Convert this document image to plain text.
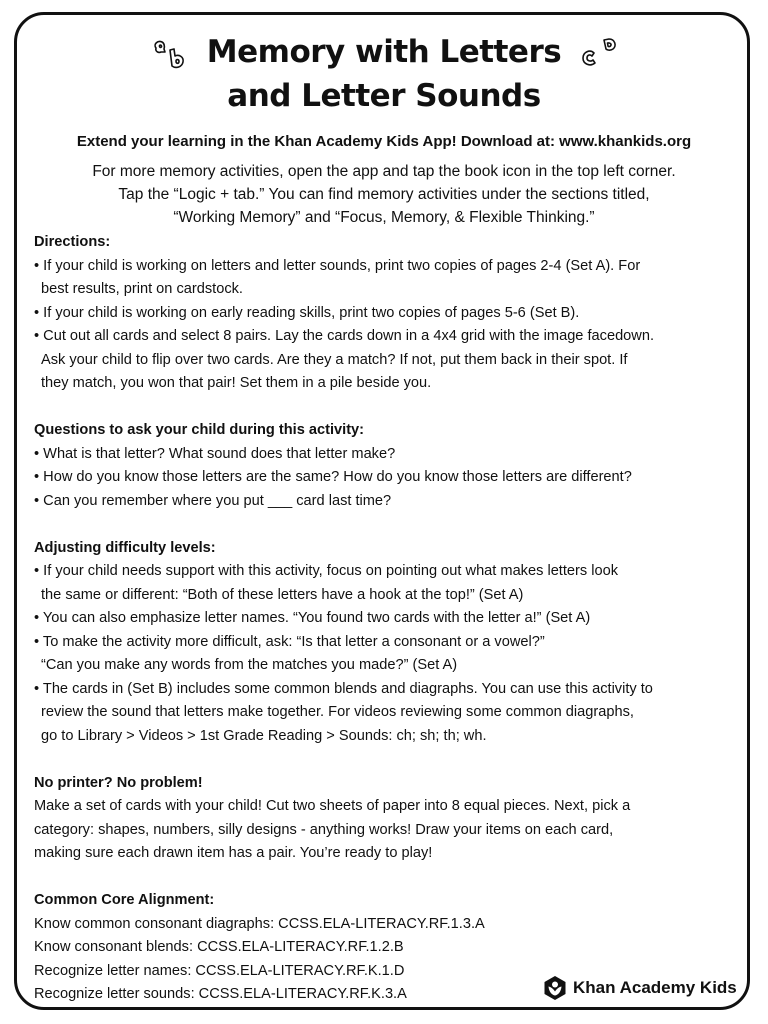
Memory with Letters
and Letter Sounds
Extend your learning in the Khan Academy Kids App! Download at: www.khankids.org
For more memory activities, open the app and tap the book icon in the top left corner.
Tap the “Logic + tab.” You can find memory activities under the sections titled,
“Working Memory” and “Focus, Memory, & Flexible Thinking.”

Directions:

• If your child is working on letters and letter sounds, print two copies of pages 2-4 (Set A). For

best results, print on cardstock.

• If your child is working on early reading skills, print two copies of pages 5-6 (Set B).

• Cut out all cards and select 8 pairs. Lay the cards down in a 4x4 grid with the image facedown.

Ask your child to flip over two cards. Are they a match? If not, put them back in their spot. If

they match, you won that pair! Set them in a pile beside you.

Questions to ask your child during this activity:

• What is that letter? What sound does that letter make?

• How do you know those letters are the same? How do you know those letters are different?

• Can you remember where you put ___ card last time?

Adjusting difficulty levels:

• If your child needs support with this activity, focus on pointing out what makes letters look

the same or different: “Both of these letters have a hook at the top!” (Set A)

• You can also emphasize letter names. “You found two cards with the letter a!” (Set A)

• To make the activity more difficult, ask: “Is that letter a consonant or a vowel?”

“Can you make any words from the matches you made?” (Set A)

• The cards in (Set B) includes some common blends and diagraphs. You can use this activity to

review the sound that letters make together. For videos reviewing some common diagraphs,

go to Library > Videos > 1st Grade Reading > Sounds: ch; sh; th; wh.

No printer? No problem!

Make a set of cards with your child! Cut two sheets of paper into 8 equal pieces. Next, pick a

category: shapes, numbers, silly designs - anything works! Draw your items on each card,

making sure each drawn item has a pair. You’re ready to play!

Common Core Alignment:

Know common consonant diagraphs: CCSS.ELA-LITERACY.RF.1.3.A

Know consonant blends: CCSS.ELA-LITERACY.RF.1.2.B

Recognize letter names: CCSS.ELA-LITERACY.RF.K.1.D

Recognize letter sounds: CCSS.ELA-LITERACY.RF.K.3.A	Khan Academy Kids
